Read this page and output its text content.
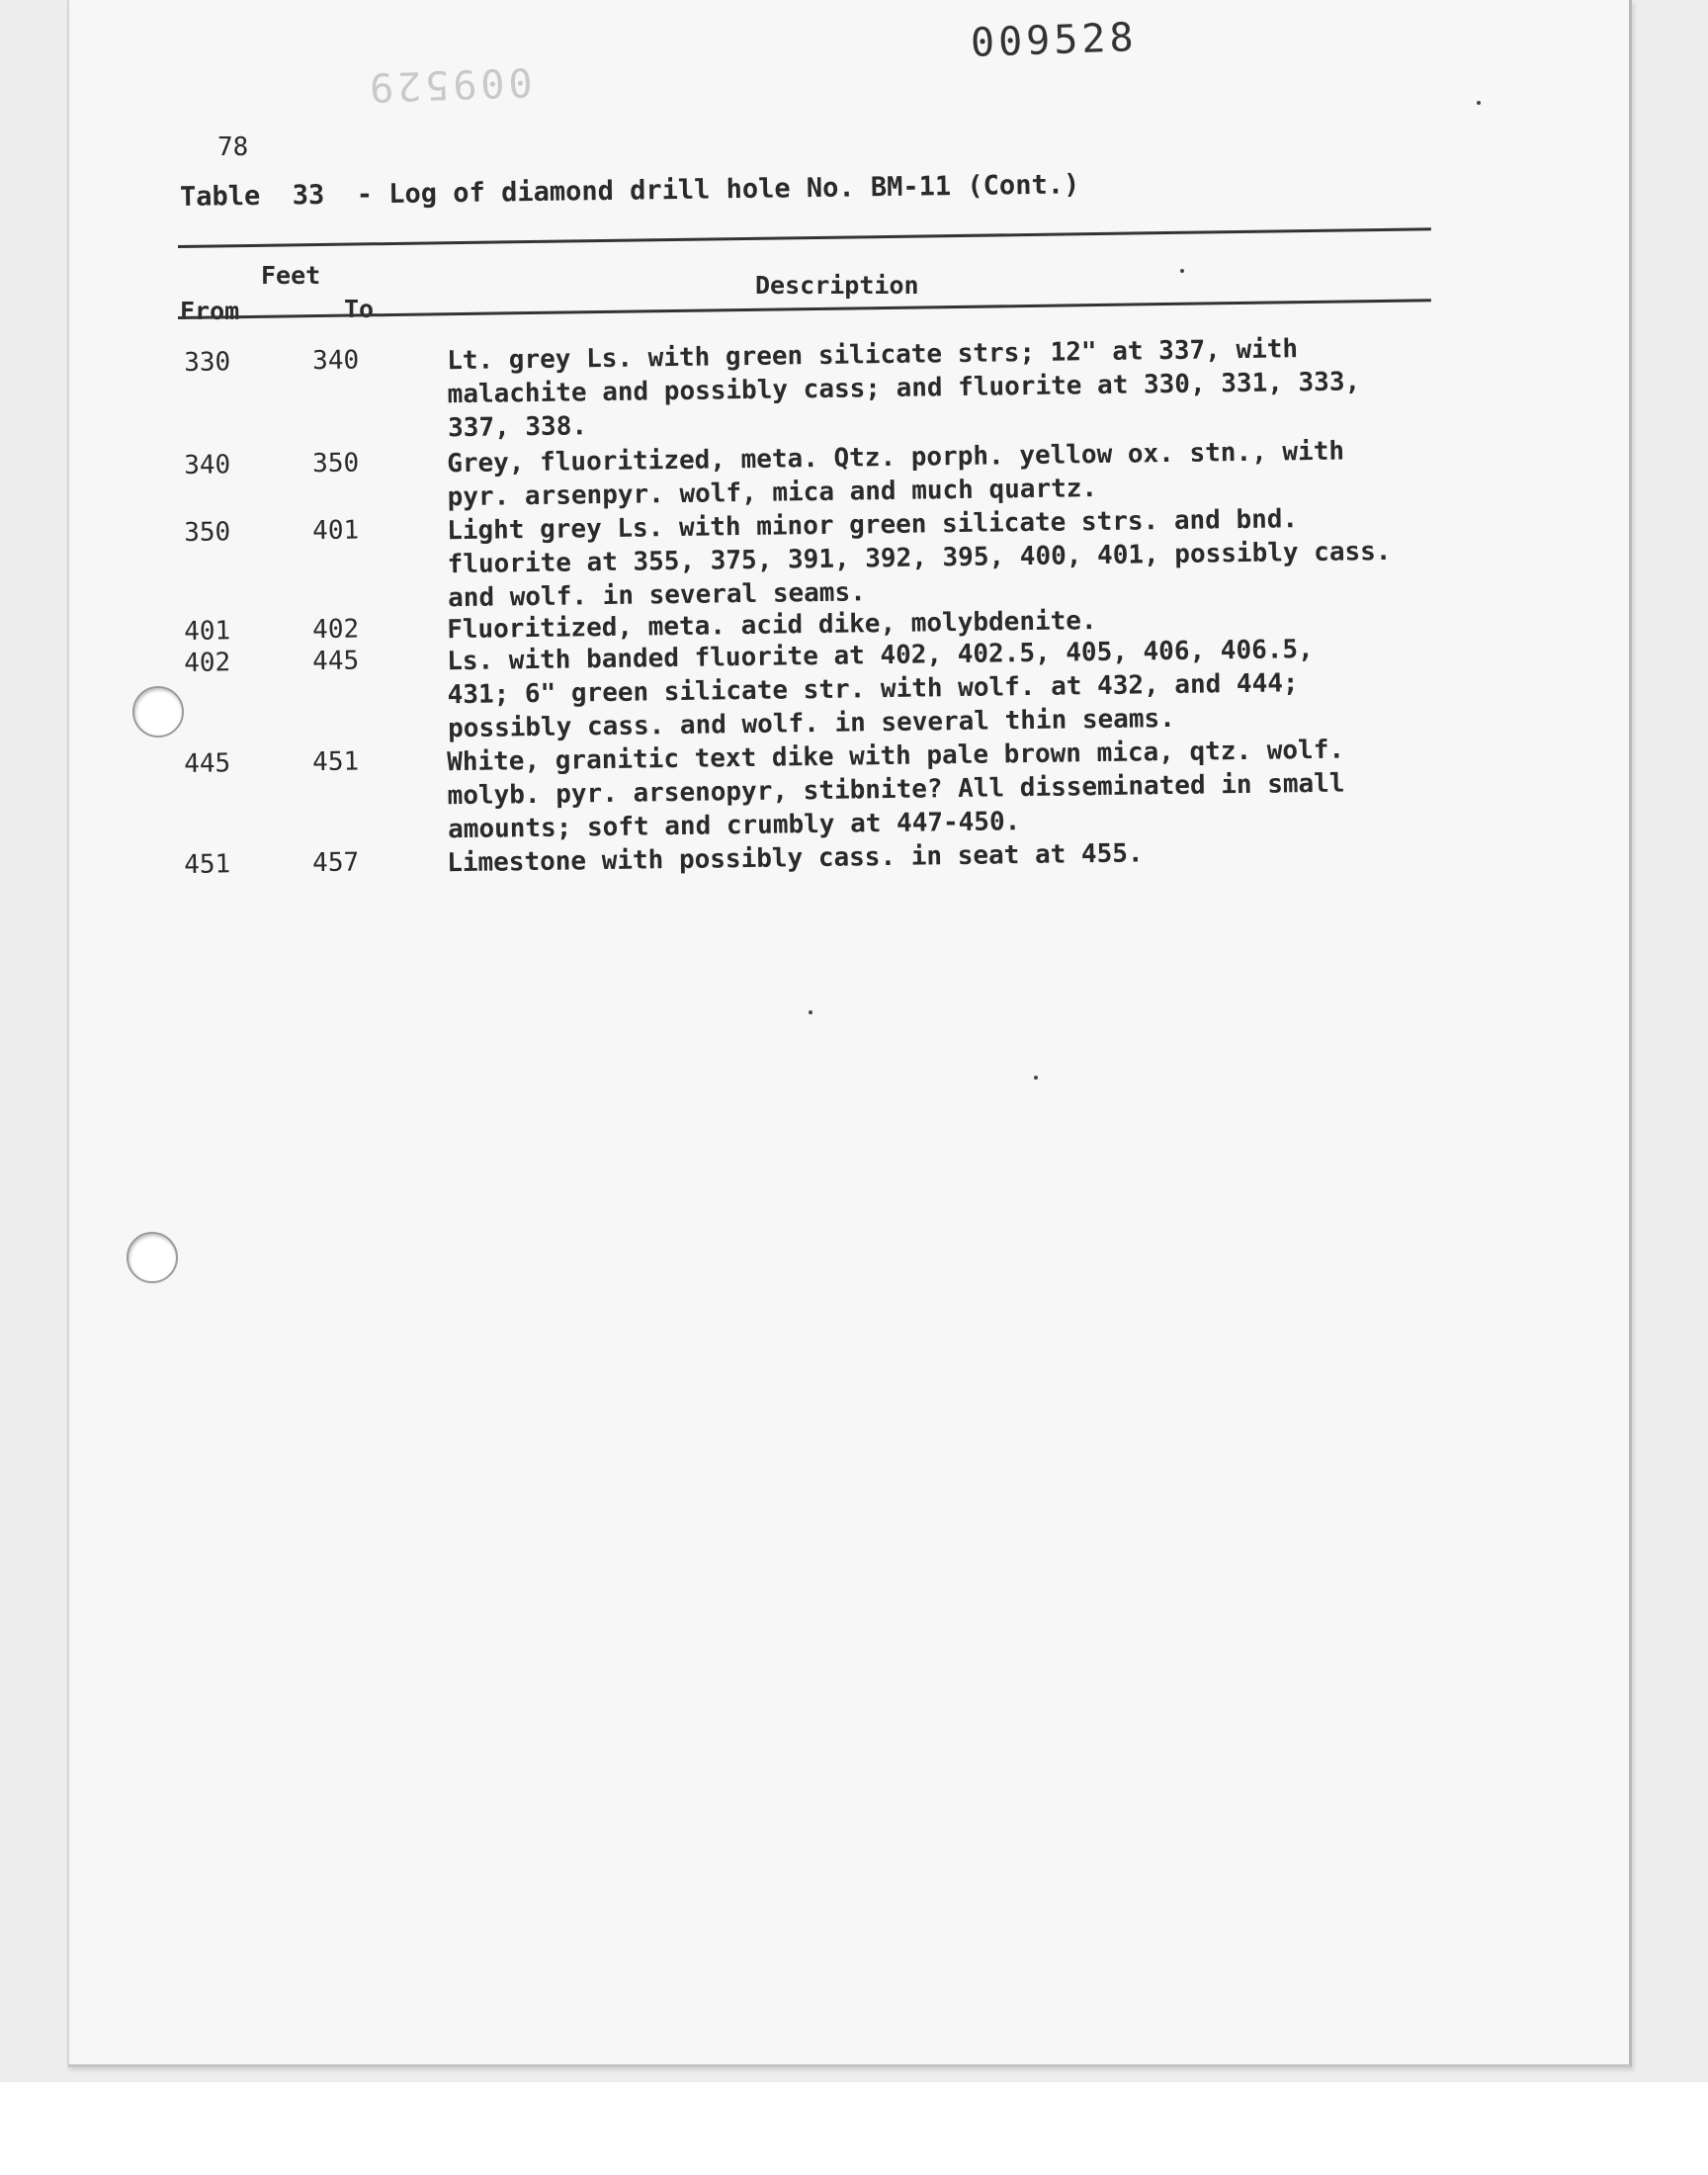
009529
009528
78
Table  33  - Log of diamond drill hole No. BM-11 (Cont.)
Feet
From	To
Description
330	340	Lt. grey Ls. with green silicate strs; 12" at 337, with
malachite and possibly cass; and fluorite at 330, 331, 333,
337, 338.
340	350	Grey, fluoritized, meta. Qtz. porph. yellow ox. stn., with
pyr. arsenpyr. wolf, mica and much quartz.
350	401	Light grey Ls. with minor green silicate strs. and bnd.
fluorite at 355, 375, 391, 392, 395, 400, 401, possibly cass.
and wolf. in several seams.
401	402	Fluoritized, meta. acid dike, molybdenite.
402	445	Ls. with banded fluorite at 402, 402.5, 405, 406, 406.5,
431; 6" green silicate str. with wolf. at 432, and 444;
possibly cass. and wolf. in several thin seams.
445	451	White, granitic text dike with pale brown mica, qtz. wolf.
molyb. pyr. arsenopyr, stibnite? All disseminated in small
amounts; soft and crumbly at 447-450.
451	457	Limestone with possibly cass. in seat at 455.
